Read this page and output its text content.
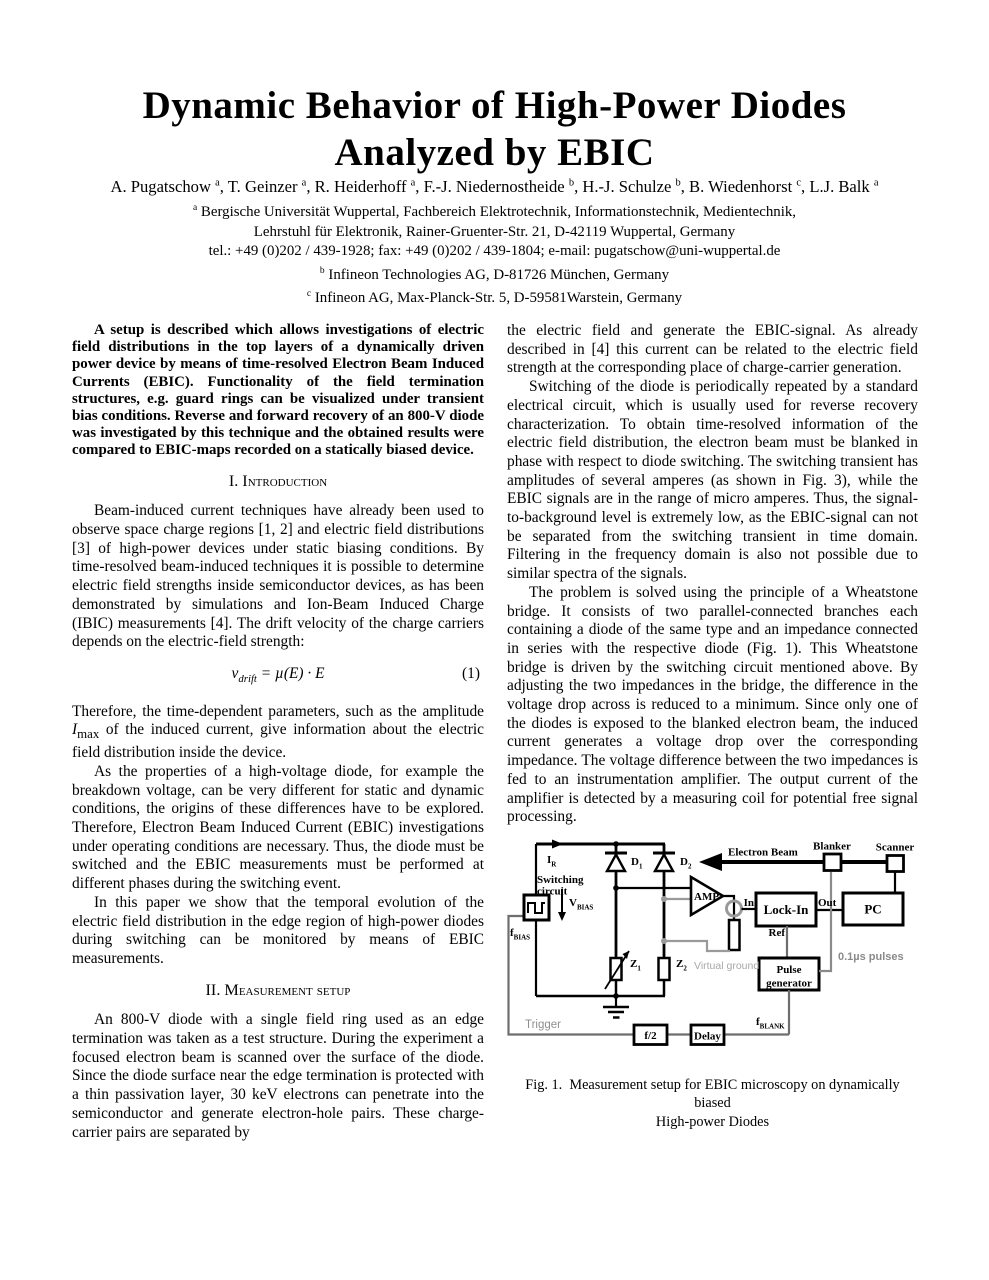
Dynamic Behavior of High-Power Diodes
Analyzed by EBIC
A. Pugatschow $^a$, T. Geinzer $^a$, R. Heiderhoff $^a$, F.-J. Niedernostheide $^b$, H.-J. Schulze $^b$, B. Wiedenhorst $^c$, L.J. Balk $^a$
$^a$ Bergische Universität Wuppertal, Fachbereich Elektrotechnik, Informationstechnik, Medientechnik,
Lehrstuhl für Elektronik, Rainer-Gruenter-Str. 21, D-42119 Wuppertal, Germany
tel.: +49 (0)202 / 439-1928; fax: +49 (0)202 / 439-1804; e-mail: pugatschow@uni-wuppertal.de
$^b$ Infineon Technologies AG, D-81726 München, Germany
$^c$ Infineon AG, Max-Planck-Str. 5, D-59581Warstein, Germany

A setup is described which allows investigations of electric field distributions in the top layers of a dynamically driven power device by means of time-resolved Electron Beam Induced Currents (EBIC). Functionality of the field termination structures, e.g. guard rings can be visualized under transient bias conditions. Reverse and forward recovery of an 800-V diode was investigated by this technique and the obtained results were compared to EBIC-maps recorded on a statically biased device.

I. Introduction

Beam-induced current techniques have already been used to observe space charge regions [1, 2] and electric field distributions [3] of high-power devices under static biasing conditions. By time-resolved beam-induced techniques it is possible to determine electric field strengths inside semiconductor devices, as has been demonstrated by simulations and Ion-Beam Induced Charge (IBIC) measurements [4]. The drift velocity of the charge carriers depends on the electric-field strength:

$v_{drift} = \mu(E) \cdot E$	(1)

Therefore, the time-dependent parameters, such as the amplitude $I_{max}$ of the induced current, give information about the electric field distribution inside the device.

As the properties of a high-voltage diode, for example the breakdown voltage, can be very different for static and dynamic conditions, the origins of these differences have to be explored. Therefore, Electron Beam Induced Current (EBIC) investigations under operating conditions are necessary. Thus, the diode must be switched and the EBIC measurements must be performed at different phases during the switching event.

In this paper we show that the temporal evolution of the electric field distribution in the edge region of high-power diodes during switching can be monitored by means of EBIC measurements.

II. Measurement setup

An 800-V diode with a single field ring used as an edge termination was taken as a test structure. During the experiment a focused electron beam is scanned over the surface of the diode. Since the diode surface near the edge termination is protected with a thin passivation layer, 30 keV electrons can penetrate into the semiconductor and generate electron-hole pairs. These charge-carrier pairs are separated by

the electric field and generate the EBIC-signal. As already described in [4] this current can be related to the electric field strength at the corresponding place of charge-carrier generation.

Switching of the diode is periodically repeated by a standard electrical circuit, which is usually used for reverse recovery characterization. To obtain time-resolved information of the electric field distribution, the electron beam must be blanked in phase with respect to diode switching. The switching transient has amplitudes of several amperes (as shown in Fig. 3), while the EBIC signals are in the range of micro amperes. Thus, the signal-to-background level is extremely low, as the EBIC-signal can not be separated from the switching transient in time domain. Filtering in the frequency domain is also not possible due to similar spectra of the signals.

The problem is solved using the principle of a Wheatstone bridge. It consists of two parallel-connected branches each containing a diode of the same type and an impedance connected in series with the respective diode (Fig. 1). This Wheatstone bridge is driven by the switching circuit mentioned above. By adjusting the two impedances in the bridge, the difference in the voltage drop across is reduced to a minimum. Since only one of the diodes is exposed to the blanked electron beam, the induced current generates a voltage drop over the corresponding impedance. The voltage difference between the two impedances is fed to an instrumentation amplifier. The output current of the amplifier is detected by a measuring coil for potential free signal processing.

$I_R$
Switching
circuit
$V_{BIAS}$
$f_{BIAS}$
$D_1$	$D_2$
AMP
Electron Beam Blanker Scanner
Lock-In
In	Out
Ref
PC
$Z_1$	$Z_2$ Virtual ground Pulse
generator
0.1µs pulses
Trigger
f/2	Delay
$f_{BLANK}$
Fig. 1.  Measurement setup for EBIC microscopy on dynamically biased
High-power Diodes
